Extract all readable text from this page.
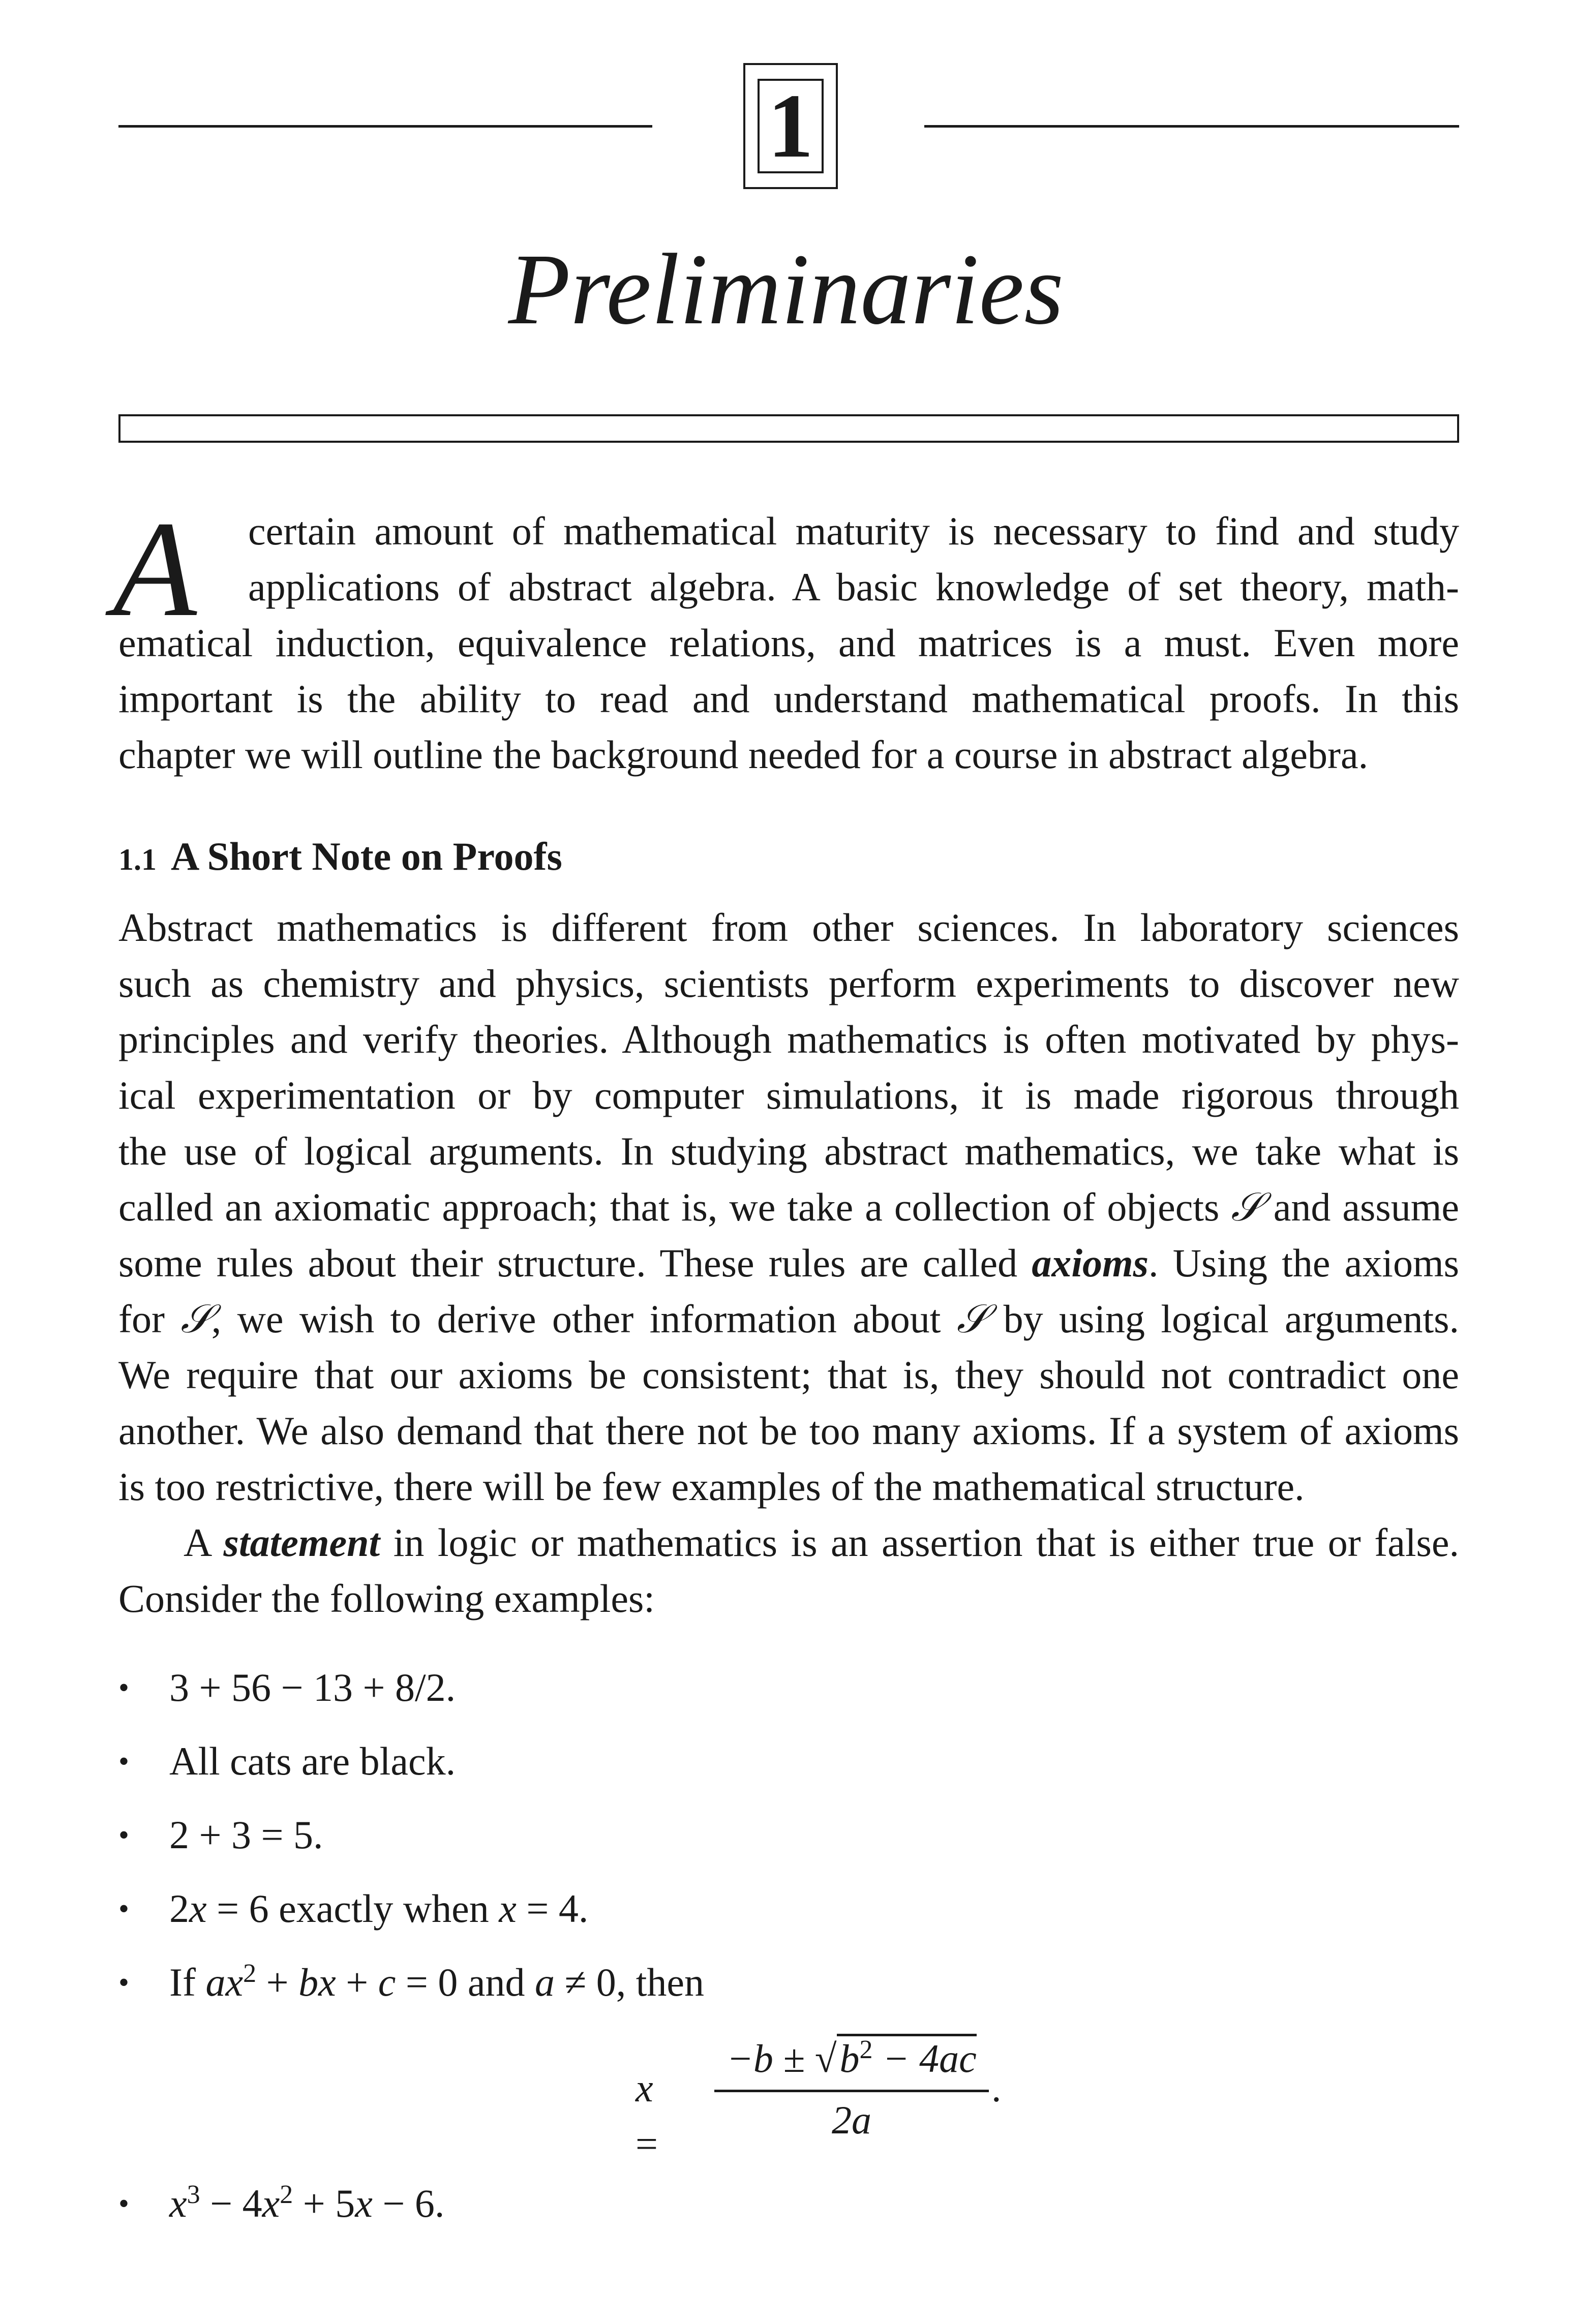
1
Preliminaries
A	certain amount of mathematical maturity is necessary to find and study
applications of abstract algebra. A basic knowledge of set theory, math-
ematical induction, equivalence relations, and matrices is a must. Even more
important is the ability to read and understand mathematical proofs. In this
chapter we will outline the background needed for a course in abstract algebra.
1.1 A Short Note on Proofs
Abstract mathematics is different from other sciences. In laboratory sciences
such as chemistry and physics, scientists perform experiments to discover new
principles and verify theories. Although mathematics is often motivated by phys-
ical experimentation or by computer simulations, it is made rigorous through
the use of logical arguments. In studying abstract mathematics, we take what is
called an axiomatic approach; that is, we take a collection of objects 𝒮 and assume
some rules about their structure. These rules are called axioms. Using the axioms
for 𝒮, we wish to derive other information about 𝒮 by using logical arguments.
We require that our axioms be consistent; that is, they should not contradict one
another. We also demand that there not be too many axioms. If a system of axioms
is too restrictive, there will be few examples of the mathematical structure.
A statement in logic or mathematics is an assertion that is either true or false.
Consider the following examples:
• 3 + 56 − 13 + 8/2.
• All cats are black.
• 2 + 3 = 5.
• 2x = 6 exactly when x = 4.
• If $ax^2$ + bx + c = 0 and a ≠ 0, then
• $x^3 - 4x^2 + 5x - 6$.
x =
$-b \pm √b^2 - 4ac$
2a
.
